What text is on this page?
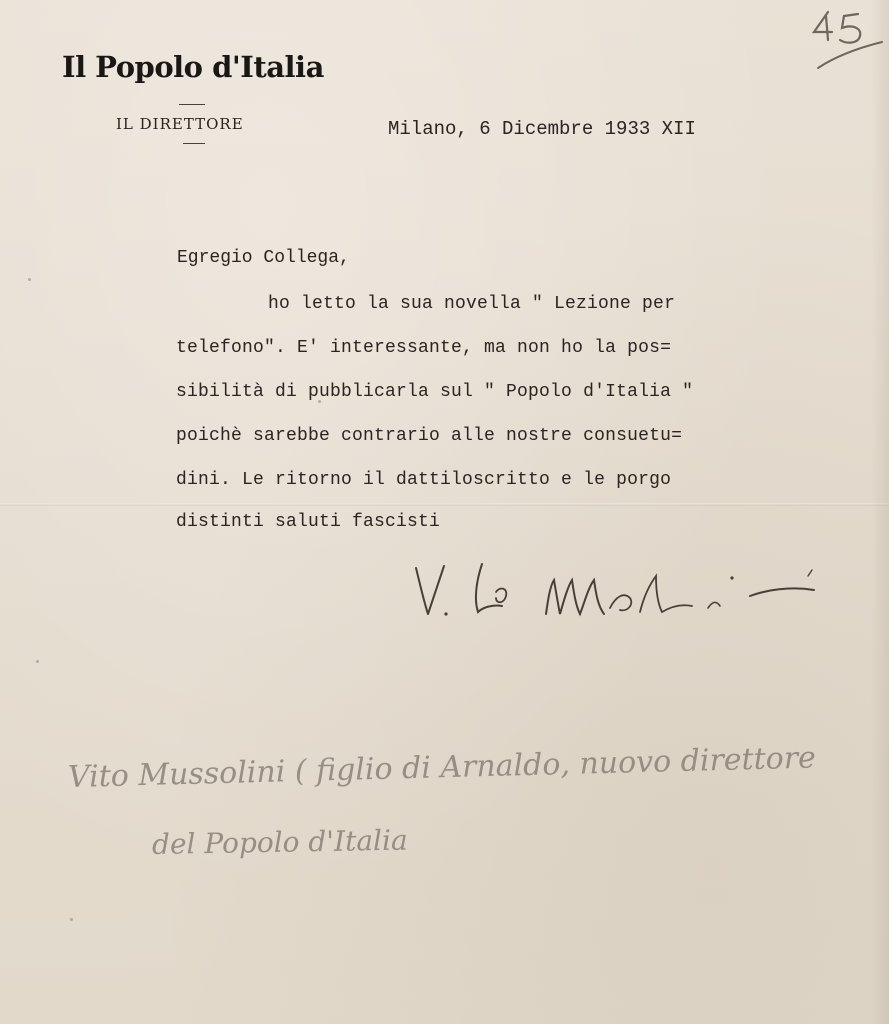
Il Popolo d'Italia
IL DIRETTORE	Milano, 6 Dicembre 1933 XII
Egregio Collega,
ho letto la sua novella " Lezione per
telefono". E' interessante, ma non ho la pos=
sibilità di pubblicarla sul " Popolo d'Italia "
poichè sarebbe contrario alle nostre consuetu=
dini. Le ritorno il dattiloscritto e le porgo
distinti saluti fascisti
Vito Mussolini ( figlio di Arnaldo, nuovo direttore
del Popolo d'Italia
